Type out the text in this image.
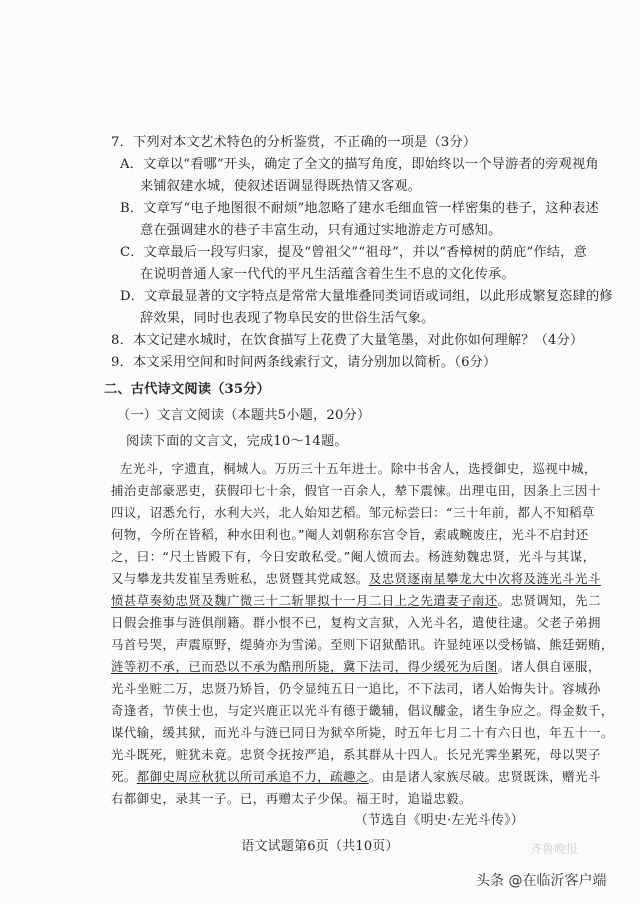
7．下列对本文艺术特色的分析鉴赏，不正确的一项是（3分）
A．文章以“看哪”开头，确定了全文的描写角度，即始终以一个导游者的旁观视角
来铺叙建水城，使叙述语调显得既热情又客观。
B．文章写“电子地图很不耐烦”地忽略了建水毛细血管一样密集的巷子，这种表述
意在强调建水的巷子丰富生动，只有通过实地游走方可感知。
C．文章最后一段写归家，提及“曾祖父”“祖母”，并以“香樟树的荫庇”作结，意
在说明普通人家一代代的平凡生活蕴含着生生不息的文化传承。
D．文章最显著的文字特点是常常大量堆叠同类词语或词组，以此形成繁复恣肆的修
辞效果，同时也表现了物阜民安的世俗生活气象。
8．本文记建水城时，在饮食描写上花费了大量笔墨，对此你如何理解？（4分）
9．本文采用空间和时间两条线索行文，请分别加以简析。（6分）
二、古代诗文阅读（35分）
（一）文言文阅读（本题共5小题，20分）
阅读下面的文言文，完成10～14题。
左光斗，字遗直，桐城人。万历三十五年进士。除中书舍人，选授御史，巡视中城，
捕治吏部豪恶吏，获假印七十余，假官一百余人，辇下震悚。出理屯田，因条上三因十
四议，诏悉允行，水利大兴，北人始知艺稻。邹元标尝曰：“三十年前，都人不知稻草
何物，今所在皆稻，种水田利也。”阉人刘朝称东宫令旨，索戚畹废庄，光斗不启封还
之，曰：“尺土皆殿下有，今日安敢私受。”阉人愤而去。杨涟劾魏忠贤，光斗与其谋，
又与攀龙共发崔呈秀赃私，忠贤暨其党咸怒。及忠贤逐南星攀龙大中次将及涟光斗光斗
愤甚草奏劾忠贤及魏广微三十二斩罪拟十一月二日上之先遣妻子南还。忠贤调知，先二
日假会推事与涟俱削籍。群小恨不已，复构文言狱，入光斗名，遣使往逮。父老子弟拥
马首号哭，声震原野，缇骑亦为雪涕。至则下诏狱酷讯。许显纯诬以受杨镐、熊廷弼贿，
涟等初不承，已而恐以不承为酷刑所毙，冀下法司，得少缓死为后图。诸人俱自诬服，
光斗坐赃二万，忠贤乃矫旨，仍令显纯五日一追比，不下法司，诸人始悔失计。容城孙
奇逢者，节侠士也，与定兴鹿正以光斗有德于畿辅，倡议醵金，诸生争应之。得金数千，
谋代输，缓其狱，而光斗与涟已同日为狱卒所毙，时五年七月二十有六日也，年五十一。
光斗既死，赃犹未竟。忠贤令抚按严追，系其群从十四人。长兄光霁坐累死，母以哭子
死。都御史周应秋犹以所司承追不力，疏趣之。由是诸人家族尽破。忠贤既诛，赠光斗
右都御史，录其一子。已，再赠太子少保。福王时，追谥忠毅。
（节选自《明史·左光斗传》）
语文试题第6页（共10页）	齐鲁晚报
头条 @在临沂客户端
